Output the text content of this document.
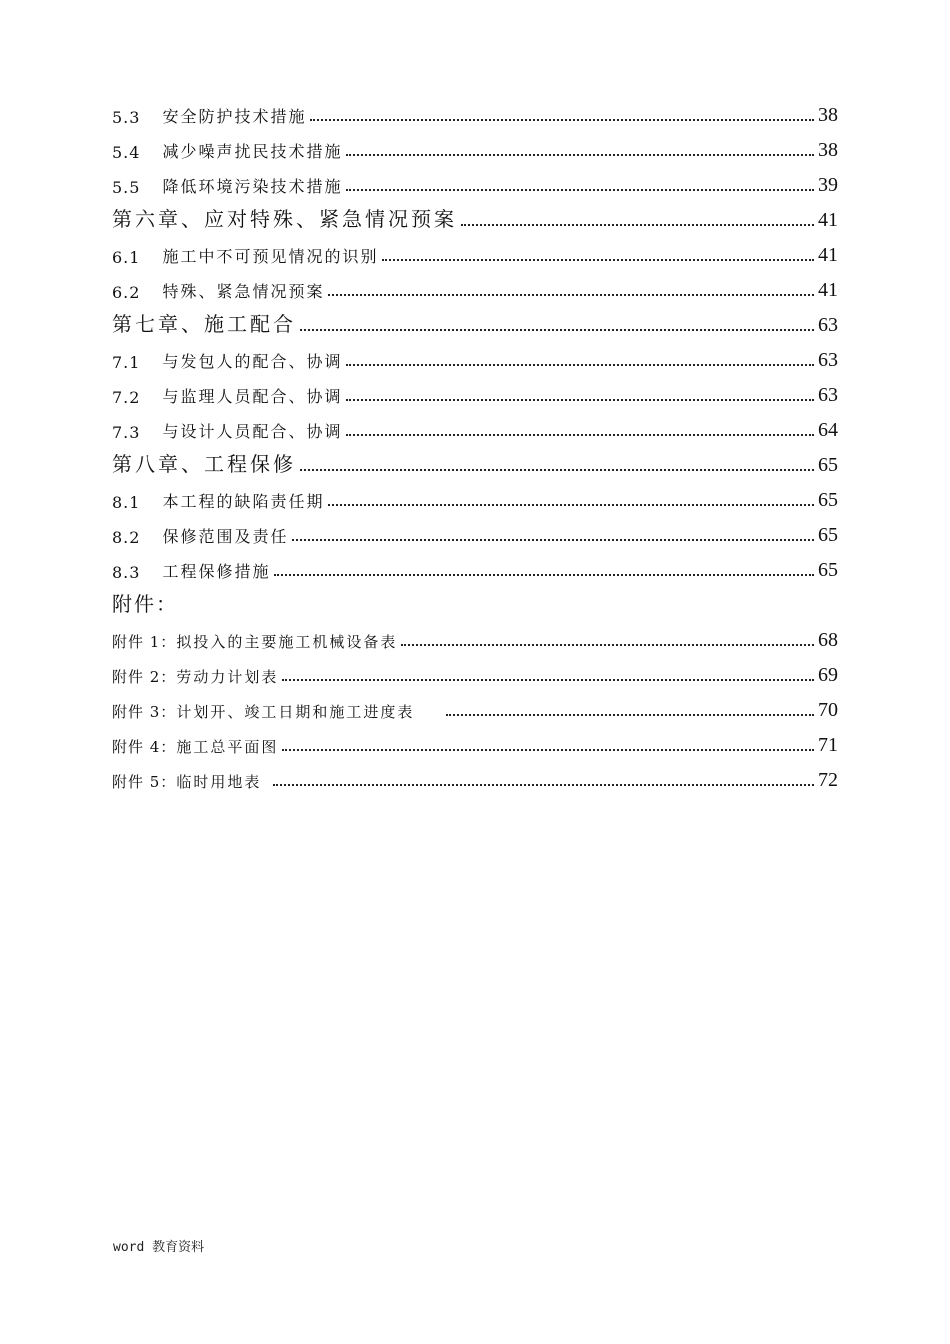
5.3	安全防护技术措施	38
5.4	减少噪声扰民技术措施	38
5.5	降低环境污染技术措施	39
第六章、应对特殊、紧急情况预案	41
6.1	施工中不可预见情况的识别	41
6.2	特殊、紧急情况预案	41
第七章、施工配合	63
7.1	与发包人的配合、协调	63
7.2	与监理人员配合、协调	63
7.3	与设计人员配合、协调	64
第八章、工程保修	65
8.1	本工程的缺陷责任期	65
8.2	保修范围及责任	65
8.3	工程保修措施	65
附件：
附件 1： 拟投入的主要施工机械设备表	68
附件 2： 劳动力计划表	69
附件 3： 计划开、竣工日期和施工进度表	70
附件 4： 施工总平面图	71
附件 5： 临时用地表	72
word 教育资料
